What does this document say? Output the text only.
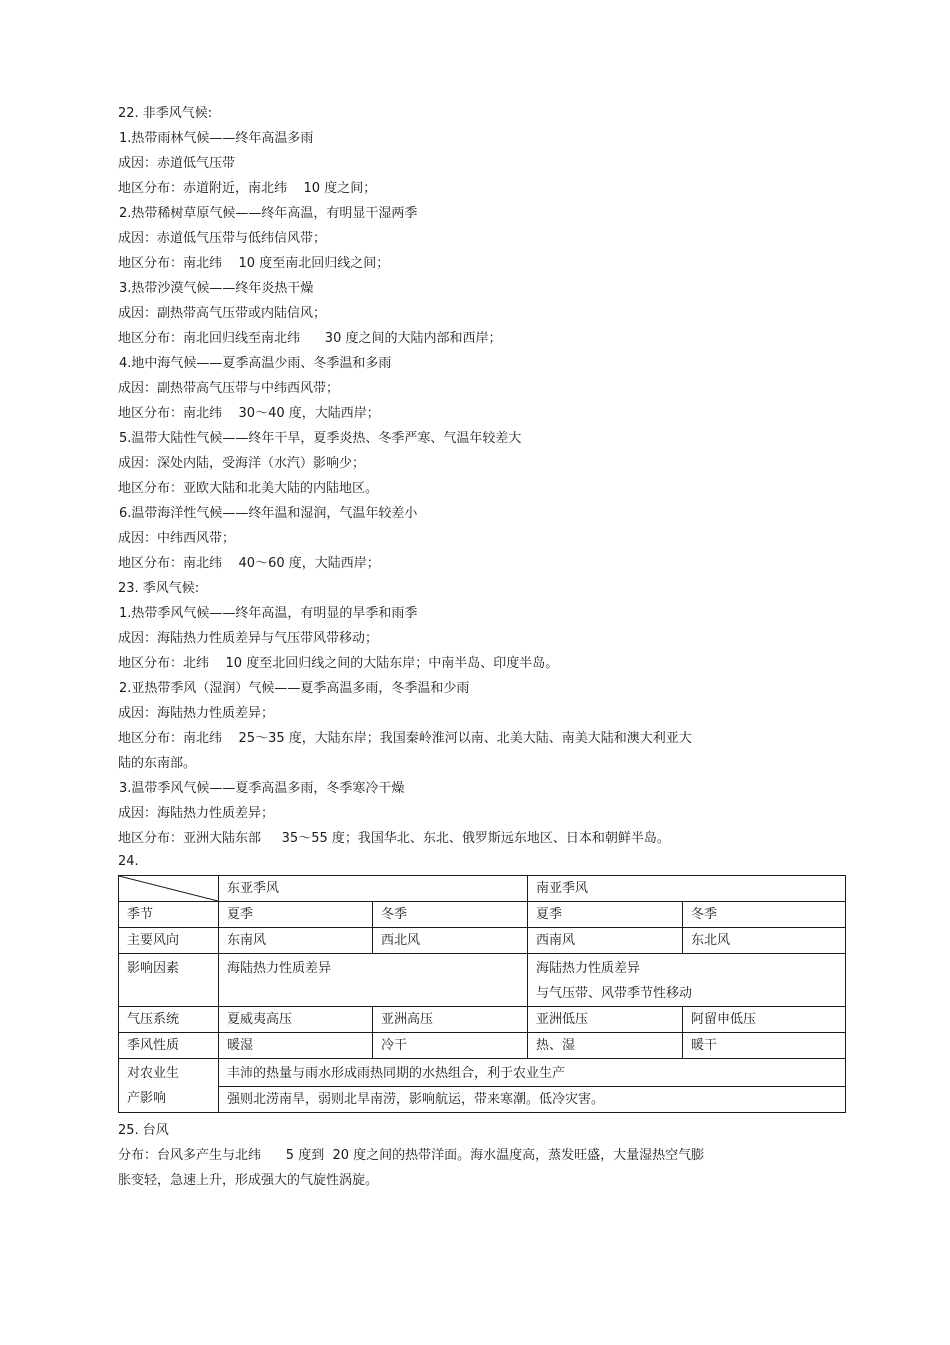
22. 非季风气候:
1.热带雨林气候——终年高温多雨
成因：赤道低气压带
地区分布：赤道附近，南北纬    10 度之间；
2.热带稀树草原气候——终年高温，有明显干湿两季
成因：赤道低气压带与低纬信风带；
地区分布：南北纬    10 度至南北回归线之间；
3.热带沙漠气候——终年炎热干燥
成因：副热带高气压带或内陆信风；
地区分布：南北回归线至南北纬      30 度之间的大陆内部和西岸；
4.地中海气候——夏季高温少雨、冬季温和多雨
成因：副热带高气压带与中纬西风带；
地区分布：南北纬    30～40 度，大陆西岸；
5.温带大陆性气候——终年干旱，夏季炎热、冬季严寒、气温年较差大
成因：深处内陆，受海洋（水汽）影响少；
地区分布：亚欧大陆和北美大陆的内陆地区。
6.温带海洋性气候——终年温和湿润，气温年较差小
成因：中纬西风带；
地区分布：南北纬    40～60 度，大陆西岸；
23. 季风气候:
1.热带季风气候——终年高温，有明显的旱季和雨季
成因：海陆热力性质差异与气压带风带移动；
地区分布：北纬    10 度至北回归线之间的大陆东岸；中南半岛、印度半岛。
2.亚热带季风（湿润）气候——夏季高温多雨，冬季温和少雨
成因：海陆热力性质差异；
地区分布：南北纬    25～35 度，大陆东岸；我国秦岭淮河以南、北美大陆、南美大陆和澳大利亚大
陆的东南部。
3.温带季风气候——夏季高温多雨，冬季寒冷干燥
成因：海陆热力性质差异；
地区分布：亚洲大陆东部     35～55 度；我国华北、东北、俄罗斯远东地区、日本和朝鲜半岛。
24.
	东亚季风		南亚季风	
季节	夏季	冬季	夏季	冬季
主要风向	东南风	西北风	西南风	东北风
影响因素	海陆热力性质差异		海陆热力性质差异
与气压带、风带季节性移动	

气压系统	夏威夷高压	亚洲高压	亚洲低压	阿留申低压
季风性质	暖湿	冷干	热、湿	暖干

对农业生
产影响	丰沛的热量与雨水形成雨热同期的水热组合，利于农业生产			
	强则北涝南旱，弱则北旱南涝，影响航运，带来寒潮。低冷灾害。			
25. 台风
分布：台风多产生与北纬      5 度到  20 度之间的热带洋面。海水温度高，蒸发旺盛，大量湿热空气膨
胀变轻，急速上升，形成强大的气旋性涡旋。
